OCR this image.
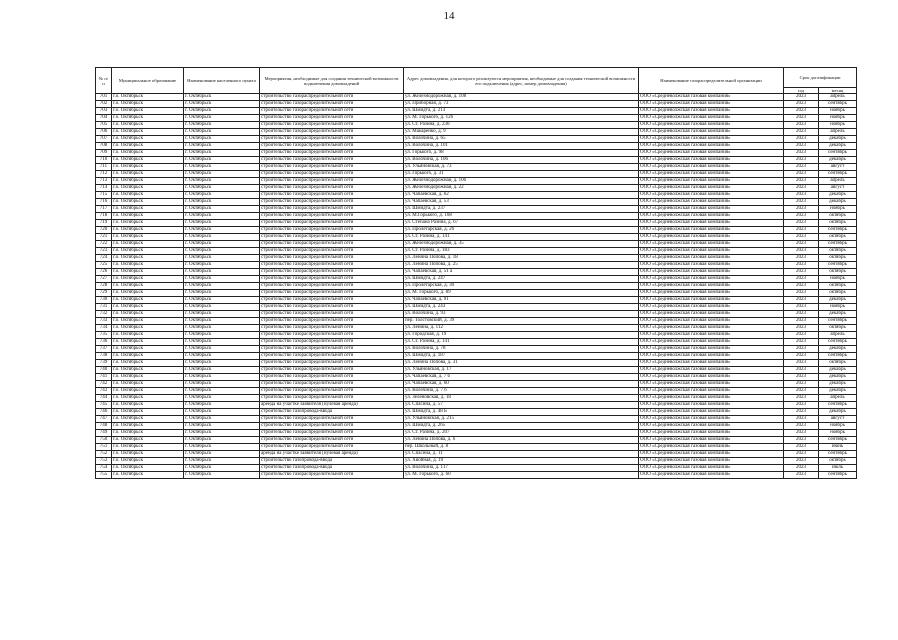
14
№ п/п	Муниципальное образование	Наименование населенного пункта	Мероприятия, необходимые для создания технической возможности подключения домовладений	Адрес домовладения, для которого реализуются мероприятия, необходимые для создания технической возможности его подключения (адрес, номер домовладения)	Наименование газораспределительной организации	Срок догазификации	
						год	месяц
701	г.о. Октябрьск	г. Октябрьск	строительство газораспределительной сети	ул. Железнодорожная, д. 108	ООО «Средневолжская газовая компания»	2023	апрель
702	г.о. Октябрьск	г. Октябрьск	строительство газораспределительной сети	ул. Приборная, д. 73	ООО «Средневолжская газовая компания»	2023	сентябрь
703	г.о. Октябрьск	г. Октябрьск	строительство газораспределительной сети	ул. Шмидта, д. 213	ООО «Средневолжская газовая компания»	2023	ноябрь
704	г.о. Октябрьск	г. Октябрьск	строительство газораспределительной сети	ул. М. Горького, д. 126	ООО «Средневолжская газовая компания»	2023	ноябрь
705	г.о. Октябрьск	г. Октябрьск	строительство газораспределительной сети	ул. Ст. Разина, д. 230	ООО «Средневолжская газовая компания»	2023	ноябрь
706	г.о. Октябрьск	г. Октябрьск	строительство газораспределительной сети	ул. Макаренко, д. 9	ООО «Средневолжская газовая компания»	2023	апрель
707	г.о. Октябрьск	г. Октябрьск	строительство газораспределительной сети	ул. Волочина, д. 65	ООО «Средневолжская газовая компания»	2023	декабрь
708	г.о. Октябрьск	г. Октябрьск	строительство газораспределительной сети	ул. Волочина, д. 101	ООО «Средневолжская газовая компания»	2023	декабрь
709	г.о. Октябрьск	г. Октябрьск	строительство газораспределительной сети	ул. Горького, д. 98	ООО «Средневолжская газовая компания»	2023	сентябрь
710	г.о. Октябрьск	г. Октябрьск	строительство газораспределительной сети	ул. Волочина, д. 106	ООО «Средневолжская газовая компания»	2023	декабрь
711	г.о. Октябрьск	г. Октябрьск	строительство газораспределительной сети	ул. Ульяновская, д. 73	ООО «Средневолжская газовая компания»	2023	август
712	г.о. Октябрьск	г. Октябрьск	строительство газораспределительной сети	ул. Горького, д. 31	ООО «Средневолжская газовая компания»	2023	сентябрь
713	г.о. Октябрьск	г. Октябрьск	строительство газораспределительной сети	ул. Железнодорожная, д. 106	ООО «Средневолжская газовая компания»	2023	апрель
714	г.о. Октябрьск	г. Октябрьск	строительство газораспределительной сети	ул. Железнодорожная, д. 22	ООО «Средневолжская газовая компания»	2023	август
715	г.о. Октябрьск	г. Октябрьск	строительство газораспределительной сети	ул. Чапаевская, д. 62	ООО «Средневолжская газовая компания»	2023	декабрь
716	г.о. Октябрьск	г. Октябрьск	строительство газораспределительной сети	ул. Чапаевская, д. 53	ООО «Средневолжская газовая компания»	2023	декабрь
717	г.о. Октябрьск	г. Октябрьск	строительство газораспределительной сети	ул. Шмидта, д. 237	ООО «Средневолжская газовая компания»	2023	ноябрь
718	г.о. Октябрьск	г. Октябрьск	строительство газораспределительной сети	ул. М.Горького, д. 108	ООО «Средневолжская газовая компания»	2023	октябрь
719	г.о. Октябрьск	г. Октябрьск	строительство газораспределительной сети	ул. Степана Разина, д. 67	ООО «Средневолжская газовая компания»	2023	октябрь
720	г.о. Октябрьск	г. Октябрьск	строительство газораспределительной сети	ул. Пролетарская, д. 26	ООО «Средневолжская газовая компания»	2023	сентябрь
721	г.о. Октябрьск	г. Октябрьск	строительство газораспределительной сети	ул. Ст. Разина, д. 141	ООО «Средневолжская газовая компания»	2023	октябрь
722	г.о. Октябрьск	г. Октябрьск	строительство газораспределительной сети	ул. Железнодорожная, д. 35	ООО «Средневолжская газовая компания»	2023	сентябрь
723	г.о. Октябрьск	г. Октябрьск	строительство газораспределительной сети	ул. Ст. Разина, д. 183	ООО «Средневолжская газовая компания»	2023	октябрь
724	г.о. Октябрьск	г. Октябрьск	строительство газораспределительной сети	ул. Ленина Попова, д. 18	ООО «Средневолжская газовая компания»	2023	октябрь
725	г.о. Октябрьск	г. Октябрьск	строительство газораспределительной сети	ул. Ленина Попова, д. 25	ООО «Средневолжская газовая компания»	2023	сентябрь
726	г.о. Октябрьск	г. Октябрьск	строительство газораспределительной сети	ул. Чапаевская, д. 51 а	ООО «Средневолжская газовая компания»	2023	октябрь
727	г.о. Октябрьск	г. Октябрьск	строительство газораспределительной сети	ул. Шмидта, д. 247	ООО «Средневолжская газовая компания»	2023	ноябрь
728	г.о. Октябрьск	г. Октябрьск	строительство газораспределительной сети	ул. Пролетарская, д. 30	ООО «Средневолжская газовая компания»	2023	октябрь
729	г.о. Октябрьск	г. Октябрьск	строительство газораспределительной сети	ул. М. Горького, д. 89	ООО «Средневолжская газовая компания»	2023	октябрь
730	г.о. Октябрьск	г. Октябрьск	строительство газораспределительной сети	ул. Чапаевская, д. 91	ООО «Средневолжская газовая компания»	2023	декабрь
731	г.о. Октябрьск	г. Октябрьск	строительство газораспределительной сети	ул. Шмидта, д. 243	ООО «Средневолжская газовая компания»	2023	ноябрь
732	г.о. Октябрьск	г. Октябрьск	строительство газораспределительной сети	ул. Волочина, д. 93	ООО «Средневолжская газовая компания»	2023	декабрь
733	г.о. Октябрьск	г. Октябрьск	строительство газораспределительной сети	пер. Толстовский, д. 39	ООО «Средневолжская газовая компания»	2023	сентябрь
734	г.о. Октябрьск	г. Октябрьск	строительство газораспределительной сети	ул. Ленина, д. 112	ООО «Средневолжская газовая компания»	2023	октябрь
735	г.о. Октябрьск	г. Октябрьск	строительство газораспределительной сети	ул. Городская, д. 19	ООО «Средневолжская газовая компания»	2023	апрель
736	г.о. Октябрьск	г. Октябрьск	строительство газораспределительной сети	ул. Ст. Разина, д. 141	ООО «Средневолжская газовая компания»	2023	сентябрь
737	г.о. Октябрьск	г. Октябрьск	строительство газораспределительной сети	ул. Волочина, д. 78	ООО «Средневолжская газовая компания»	2023	декабрь
738	г.о. Октябрьск	г. Октябрьск	строительство газораспределительной сети	ул. Шмидта, д. 187	ООО «Средневолжская газовая компания»	2023	сентябрь
739	г.о. Октябрьск	г. Октябрьск	строительство газораспределительной сети	ул. Ленина Попова, д. 31	ООО «Средневолжская газовая компания»	2023	октябрь
740	г.о. Октябрьск	г. Октябрьск	строительство газораспределительной сети	ул. Ульяновская, д. 17	ООО «Средневолжская газовая компания»	2023	декабрь
741	г.о. Октябрьск	г. Октябрьск	строительство газораспределительной сети	ул. Чапаевская, д. 7 б	ООО «Средневолжская газовая компания»	2023	декабрь
742	г.о. Октябрьск	г. Октябрьск	строительство газораспределительной сети	ул. Чапаевская, д. 60	ООО «Средневолжская газовая компания»	2023	декабрь
743	г.о. Октябрьск	г. Октябрьск	строительство газораспределительной сети	ул. Волочина, д. 7 б	ООО «Средневолжская газовая компания»	2023	декабрь
744	г.о. Октябрьск	г. Октябрьск	строительство газораспределительной сети	ул. Зеленовская, д. 18	ООО «Средневолжская газовая компания»	2023	апрель
745	г.о. Октябрьск	г. Октябрьск	аренда на участке заявителя (нулевая аренда)	ул. Спасина, д. 57	ООО «Средневолжская газовая компания»	2023	сентябрь
746	г.о. Октябрьск	г. Октябрьск	строительство газопровода-ввода	ул. Шмидта, д. 48 Б	ООО «Средневолжская газовая компания»	2023	декабрь
747	г.о. Октябрьск	г. Октябрьск	строительство газораспределительной сети	ул. Ульяновская, д. 215	ООО «Средневолжская газовая компания»	2023	август
748	г.о. Октябрьск	г. Октябрьск	строительство газораспределительной сети	ул. Шмидта, д. 265	ООО «Средневолжская газовая компания»	2023	ноябрь
749	г.о. Октябрьск	г. Октябрьск	строительство газораспределительной сети	ул. Ст. Разина, д. 207	ООО «Средневолжская газовая компания»	2023	ноябрь
750	г.о. Октябрьск	г. Октябрьск	строительство газораспределительной сети	ул. Ленина Попова, д. 6	ООО «Средневолжская газовая компания»	2023	сентябрь
751	г.о. Октябрьск	г. Октябрьск	строительство газораспределительной сети	пер. Школьный, д. 8	ООО «Средневолжская газовая компания»	2023	июнь
752	г.о. Октябрьск	г. Октябрьск	аренда на участке заявителя (нулевая аренда)	ул. Спасина, д. 11	ООО «Средневолжская газовая компания»	2023	сентябрь
753	г.о. Октябрьск	г. Октябрьск	строительство газопровода-ввода	ул. Хвойная, д. 10	ООО «Средневолжская газовая компания»	2023	октябрь
754	г.о. Октябрьск	г. Октябрьск	строительство газопровода-ввода	ул. Волочина, д. 117	ООО «Средневолжская газовая компания»	2023	июль
755	г.о. Октябрьск	г. Октябрьск	строительство газораспределительной сети	ул. М. Горького, д. 60	ООО «Средневолжская газовая компания»	2023	сентябрь
